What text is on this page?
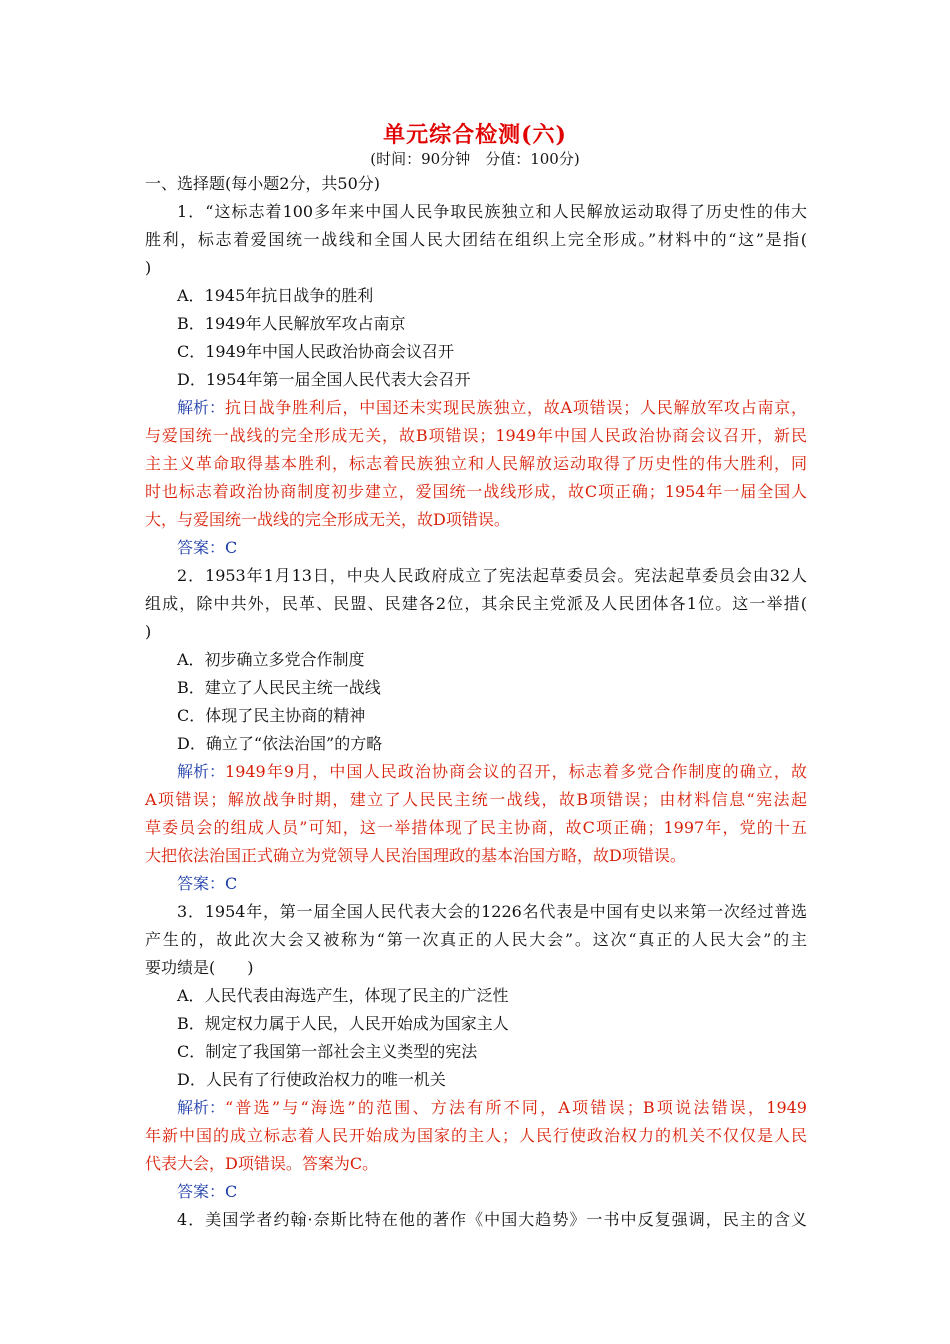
单元综合检测(六)
(时间：90分钟　分值：100分)
一、选择题(每小题2分，共50分)
1．“这标志着100多年来中国人民争取民族独立和人民解放运动取得了历史性的伟大
胜利，标志着爱国统一战线和全国人民大团结在组织上完全形成。”材料中的“这”是指(
)
A．1945年抗日战争的胜利
B．1949年人民解放军攻占南京
C．1949年中国人民政治协商会议召开
D．1954年第一届全国人民代表大会召开
解析： 抗日战争胜利后，中国还未实现民族独立，故A项错误；人民解放军攻占南京，
与爱国统一战线的完全形成无关，故B项错误；1949年中国人民政治协商会议召开，新民
主主义革命取得基本胜利，标志着民族独立和人民解放运动取得了历史性的伟大胜利，同
时也标志着政治协商制度初步建立，爱国统一战线形成，故C项正确；1954年一届全国人
大，与爱国统一战线的完全形成无关，故D项错误。
答案：C
2．1953年1月13日，中央人民政府成立了宪法起草委员会。宪法起草委员会由32人
组成，除中共外，民革、民盟、民建各2位，其余民主党派及人民团体各1位。这一举措(
)
A．初步确立多党合作制度
B．建立了人民民主统一战线
C．体现了民主协商的精神
D．确立了“依法治国”的方略
解析： 1949年9月，中国人民政治协商会议的召开，标志着多党合作制度的确立，故
A项错误；解放战争时期，建立了人民民主统一战线，故B项错误；由材料信息“宪法起
草委员会的组成人员”可知，这一举措体现了民主协商，故C项正确；1997年，党的十五
大把依法治国正式确立为党领导人民治国理政的基本治国方略，故D项错误。
答案：C
3．1954年，第一届全国人民代表大会的1226名代表是中国有史以来第一次经过普选
产生的，故此次大会又被称为“第一次真正的人民大会”。这次“真正的人民大会”的主
要功绩是(　　)
A．人民代表由海选产生，体现了民主的广泛性
B．规定权力属于人民，人民开始成为国家主人
C．制定了我国第一部社会主义类型的宪法
D．人民有了行使政治权力的唯一机关
解析： “普选”与“海选”的范围、方法有所不同，A项错误；B项说法错误，1949
年新中国的成立标志着人民开始成为国家的主人；人民行使政治权力的机关不仅仅是人民
代表大会，D项错误。答案为C。
答案：C
4．美国学者约翰·奈斯比特在他的著作《中国大趋势》一书中反复强调，民主的含义
